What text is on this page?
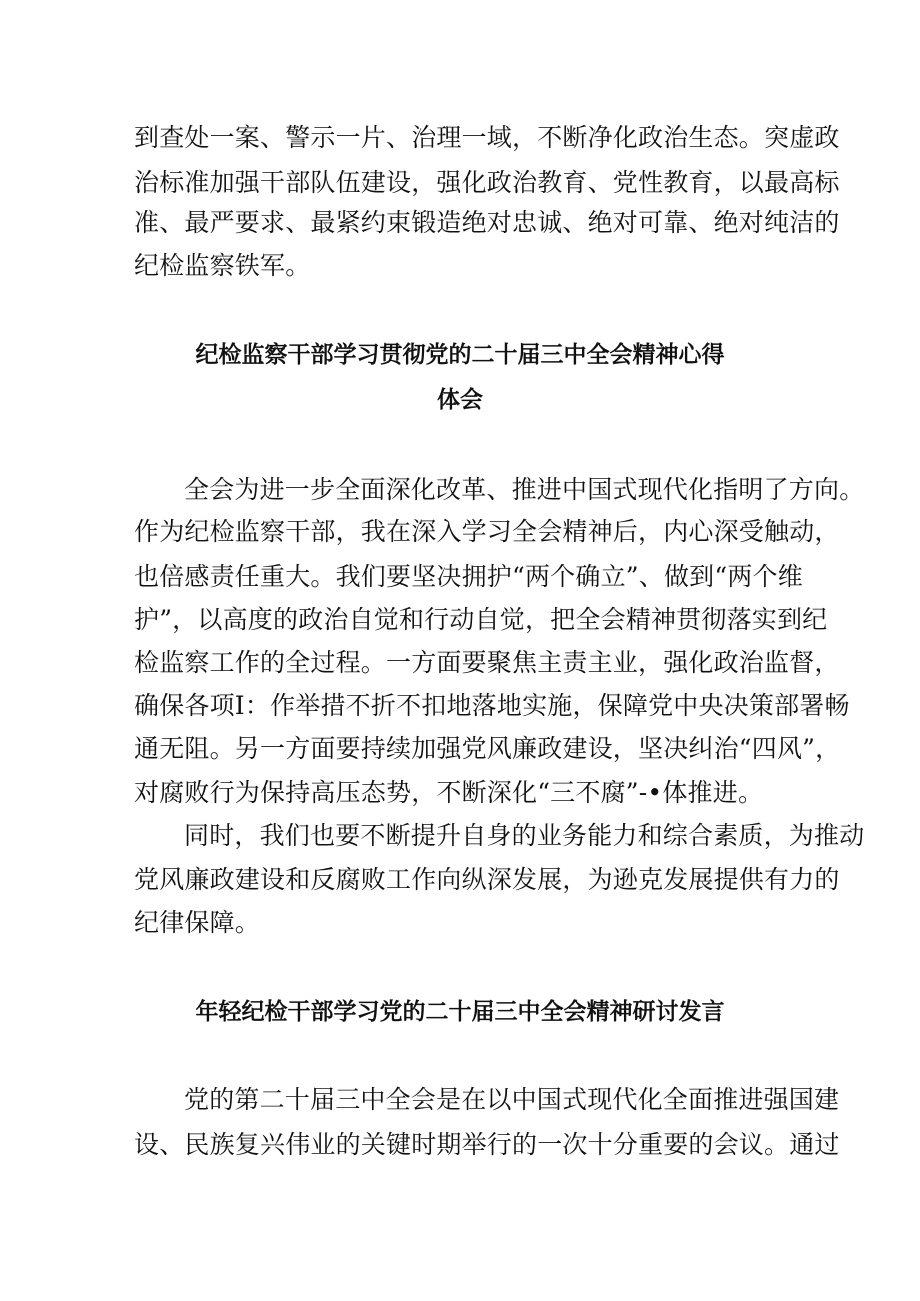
到查处一案、警示一片、治理一域，不断净化政治生态。突虚政
治标准加强干部队伍建设，强化政治教育、党性教育，以最高标
准、最严要求、最紧约束锻造绝对忠诚、绝对可靠、绝对纯洁的
纪检监察铁军。
纪检监察干部学习贯彻党的二十届三中全会精神心得
体会
全会为进一步全面深化改革、推进中国式现代化指明了方向。
作为纪检监察干部，我在深入学习全会精神后，内心深受触动，
也倍感责任重大。我们要坚决拥护“两个确立”、做到“两个维
护”，以高度的政治自觉和行动自觉，把全会精神贯彻落实到纪
检监察工作的全过程。一方面要聚焦主责主业，强化政治监督，
确保各项I：作举措不折不扣地落地实施，保障党中央决策部署畅
通无阻。另一方面要持续加强党风廉政建设，坚决纠治“四风”，
对腐败行为保持高压态势，不断深化“三不腐”-•体推进。
同时，我们也要不断提升自身的业务能力和综合素质，为推动
党风廉政建设和反腐败工作向纵深发展，为逊克发展提供有力的
纪律保障。
年轻纪检干部学习党的二十届三中全会精神研讨发言
党的第二十届三中全会是在以中国式现代化全面推进强国建
设、民族复兴伟业的关键时期举行的一次十分重要的会议。通过
